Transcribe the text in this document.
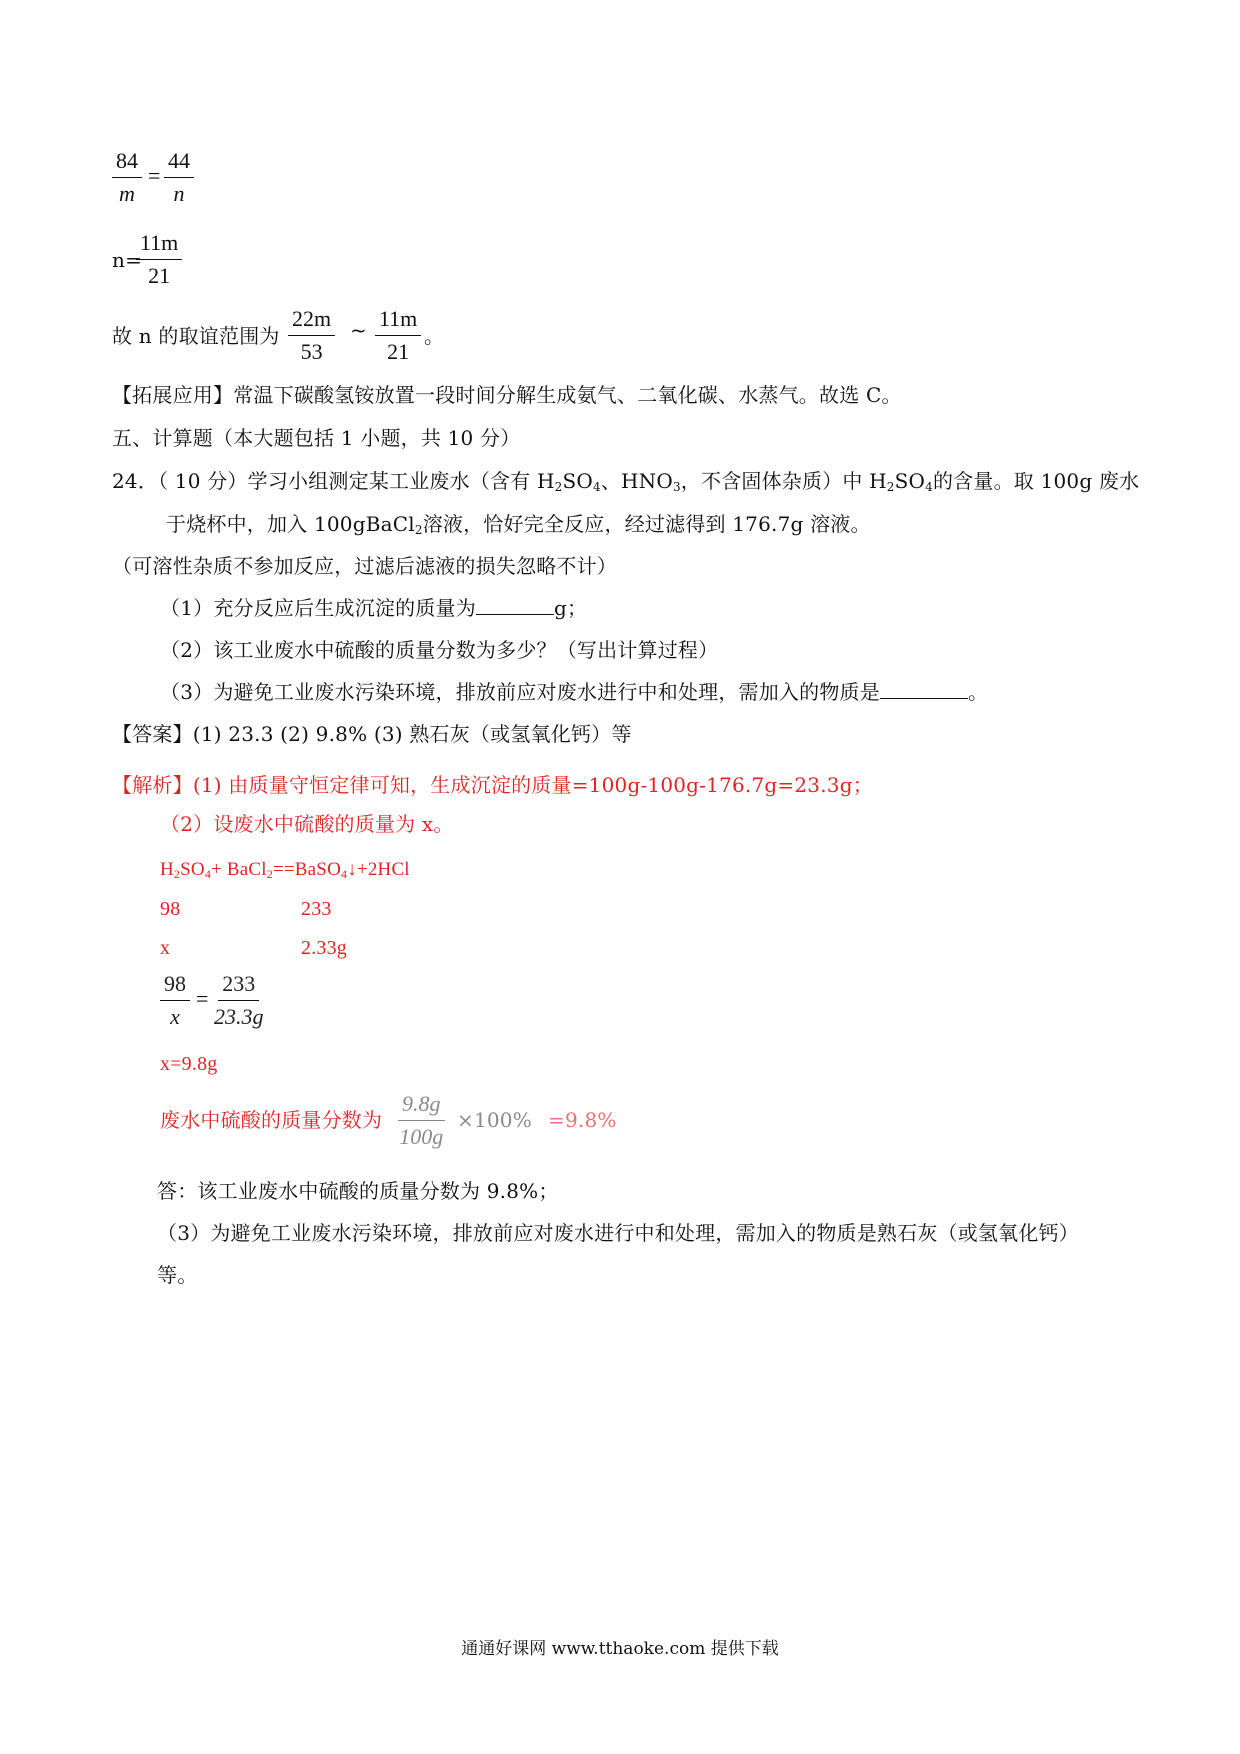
$\frac{84}{m} = \frac{44}{n}$
n=
$\frac{11m}{21}$
故 n 的取谊范围为 $\frac{22m}{53}$ ~ $\frac{11m}{21}$ 。
【拓展应用】常温下碳酸氢铵放置一段时间分解生成氨气、二氧化碳、水蒸气。故选 C。
五、计算题（本大题包括 1 小题，共 10 分）
24．（ 10 分）学习小组测定某工业废水（含有 $H_2SO_4$、$HNO_3$，不含固体杂质）中 $H_2SO_4$的含量。取 100g 废水
于烧杯中，加入 100gBaCl$_2$溶液，恰好完全反应，经过滤得到 176.7g 溶液。
（可溶性杂质不参加反应，过滤后滤液的损失忽略不计）
（1）充分反应后生成沉淀的质量为	g；
（2）该工业废水中硫酸的质量分数为多少？（写出计算过程）
（3）为避免工业废水污染环境，排放前应对废水进行中和处理，需加入的物质是	。
【答案】(1) 23.3 (2) 9.8% (3) 熟石灰（或氢氧化钙）等
【解析】(1) 由质量守恒定律可知，生成沉淀的质量=100g-100g-176.7g=23.3g；
（2）设废水中硫酸的质量为 x。
$H_2SO_4+$ BaCl$_2$==BaSO$_4$↓+2HCl
98	233
x	2.33g
$\frac{98}{x} = \frac{233}{23.3g}$
x=9.8g
废水中硫酸的质量分数为 $\frac{9.8g}{100g} \times 100\% =9.8\%$
答：该工业废水中硫酸的质量分数为 9.8%；
（3）为避免工业废水污染环境，排放前应对废水进行中和处理，需加入的物质是熟石灰（或氢氧化钙）
等。
通通好课网 www.tthaoke.com 提供下载
